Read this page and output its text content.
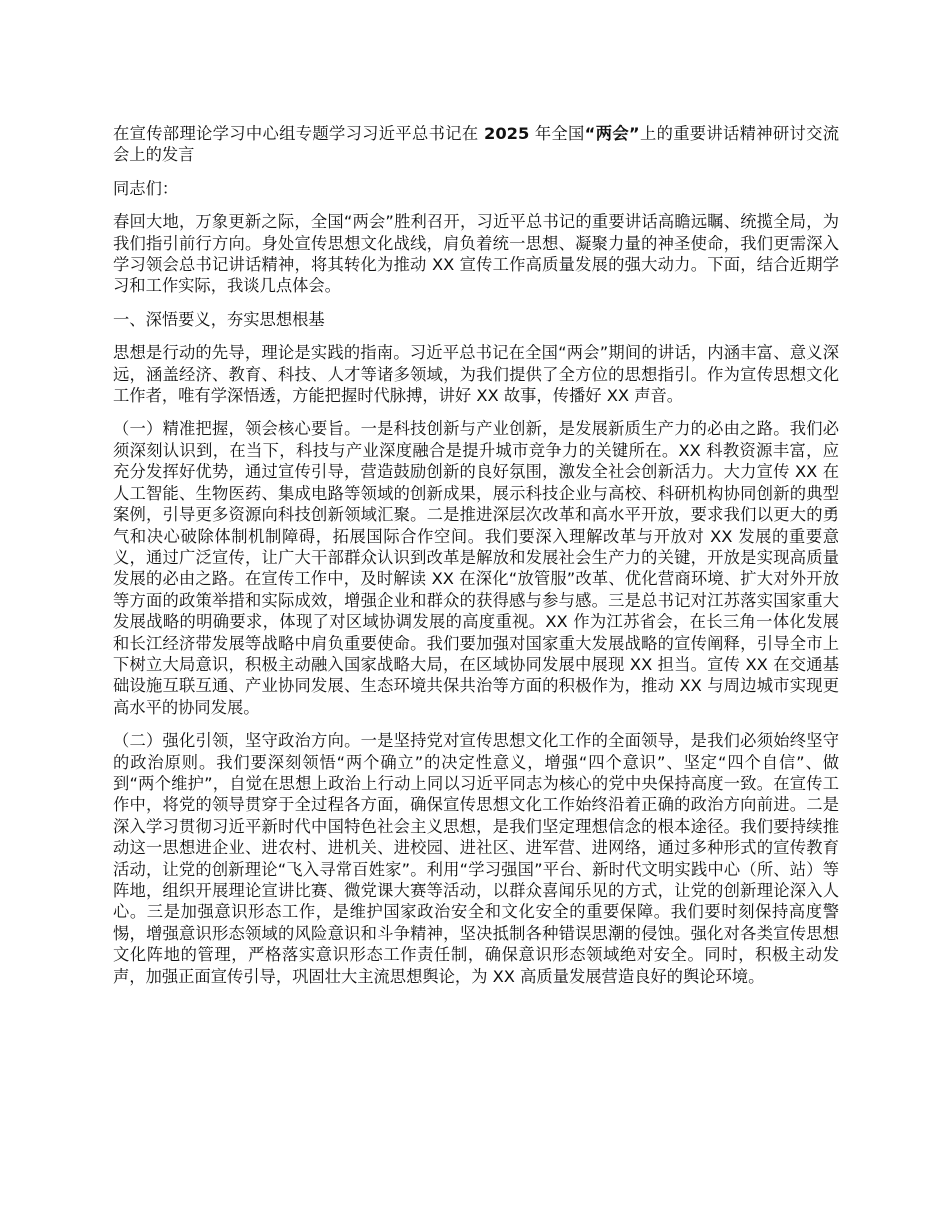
在宣传部理论学习中心组专题学习习近平总书记在 2025 年全国“两会”上的重要讲话精神研讨交流会上的发言

同志们：

春回大地，万象更新之际，全国“两会”胜利召开，习近平总书记的重要讲话高瞻远瞩、统揽全局，为我们指引前行方向。身处宣传思想文化战线，肩负着统一思想、凝聚力量的神圣使命，我们更需深入学习领会总书记讲话精神，将其转化为推动 XX 宣传工作高质量发展的强大动力。下面，结合近期学习和工作实际，我谈几点体会。

一、深悟要义，夯实思想根基

思想是行动的先导，理论是实践的指南。习近平总书记在全国“两会”期间的讲话，内涵丰富、意义深远，涵盖经济、教育、科技、人才等诸多领域，为我们提供了全方位的思想指引。作为宣传思想文化工作者，唯有学深悟透，方能把握时代脉搏，讲好 XX 故事，传播好 XX 声音。

（一）精准把握，领会核心要旨。一是科技创新与产业创新，是发展新质生产力的必由之路。我们必须深刻认识到，在当下，科技与产业深度融合是提升城市竞争力的关键所在。XX 科教资源丰富，应充分发挥好优势，通过宣传引导，营造鼓励创新的良好氛围，激发全社会创新活力。大力宣传 XX 在人工智能、生物医药、集成电路等领域的创新成果，展示科技企业与高校、科研机构协同创新的典型案例，引导更多资源向科技创新领域汇聚。二是推进深层次改革和高水平开放，要求我们以更大的勇气和决心破除体制机制障碍，拓展国际合作空间。我们要深入理解改革与开放对 XX 发展的重要意义，通过广泛宣传，让广大干部群众认识到改革是解放和发展社会生产力的关键，开放是实现高质量发展的必由之路。在宣传工作中，及时解读 XX 在深化“放管服”改革、优化营商环境、扩大对外开放等方面的政策举措和实际成效，增强企业和群众的获得感与参与感。三是总书记对江苏落实国家重大发展战略的明确要求，体现了对区域协调发展的高度重视。XX 作为江苏省会，在长三角一体化发展和长江经济带发展等战略中肩负重要使命。我们要加强对国家重大发展战略的宣传阐释，引导全市上下树立大局意识，积极主动融入国家战略大局，在区域协同发展中展现 XX 担当。宣传 XX 在交通基础设施互联互通、产业协同发展、生态环境共保共治等方面的积极作为，推动 XX 与周边城市实现更高水平的协同发展。

（二）强化引领，坚守政治方向。一是坚持党对宣传思想文化工作的全面领导，是我们必须始终坚守的政治原则。我们要深刻领悟“两个确立”的决定性意义，增强“四个意识”、坚定“四个自信”、做到“两个维护”，自觉在思想上政治上行动上同以习近平同志为核心的党中央保持高度一致。在宣传工作中，将党的领导贯穿于全过程各方面，确保宣传思想文化工作始终沿着正确的政治方向前进。二是深入学习贯彻习近平新时代中国特色社会主义思想，是我们坚定理想信念的根本途径。我们要持续推动这一思想进企业、进农村、进机关、进校园、进社区、进军营、进网络，通过多种形式的宣传教育活动，让党的创新理论“飞入寻常百姓家”。利用“学习强国”平台、新时代文明实践中心（所、站）等阵地，组织开展理论宣讲比赛、微党课大赛等活动，以群众喜闻乐见的方式，让党的创新理论深入人心。三是加强意识形态工作，是维护国家政治安全和文化安全的重要保障。我们要时刻保持高度警惕，增强意识形态领域的风险意识和斗争精神，坚决抵制各种错误思潮的侵蚀。强化对各类宣传思想文化阵地的管理，严格落实意识形态工作责任制，确保意识形态领域绝对安全。同时，积极主动发声，加强正面宣传引导，巩固壮大主流思想舆论，为 XX 高质量发展营造良好的舆论环境。
